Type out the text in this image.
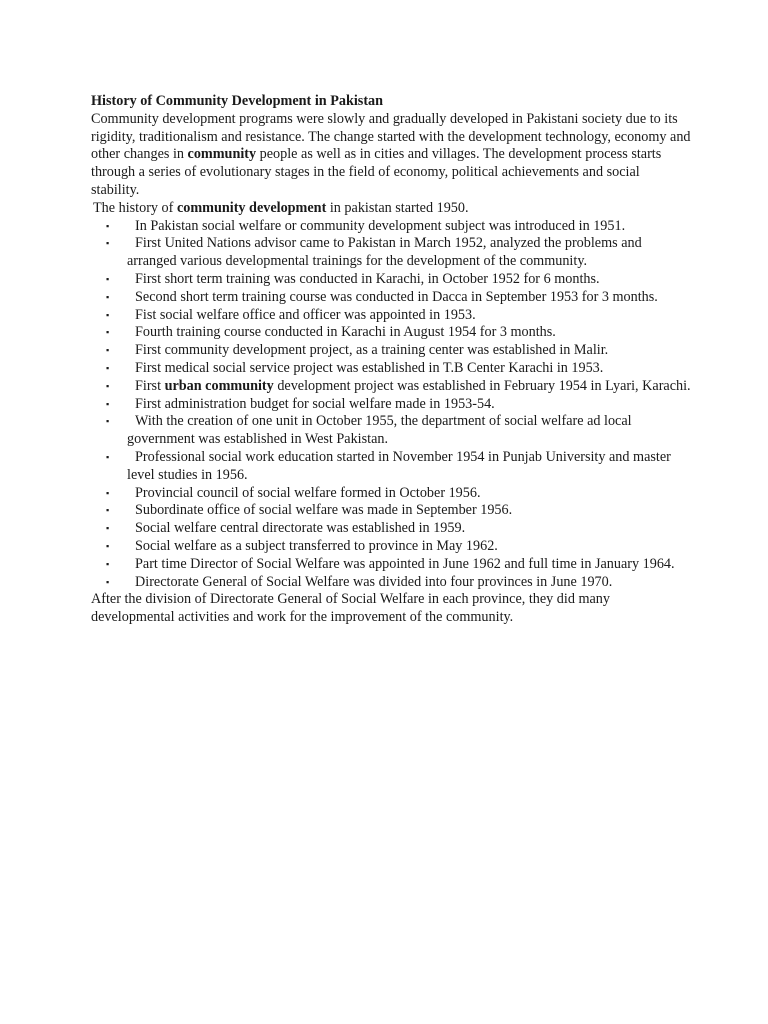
History of Community Development in Pakistan

Community development programs were slowly and gradually developed in Pakistani society due to its rigidity, traditionalism and resistance. The change started with the development technology, economy and other changes in community people as well as in cities and villages. The development process starts through a series of evolutionary stages in the field of economy, political achievements and social stability.

The history of community development in pakistan started 1950.

▪	In Pakistan social welfare or community development subject was introduced in 1951.
▪	First United Nations advisor came to Pakistan in March 1952, analyzed the problems and arranged various developmental trainings for the development of the community.
▪	First short term training was conducted in Karachi, in October 1952 for 6 months.
▪	Second short term training course was conducted in Dacca in September 1953 for 3 months.
▪	Fist social welfare office and officer was appointed in 1953.
▪	Fourth training course conducted in Karachi in August 1954 for 3 months.
▪	First community development project, as a training center was established in Malir.
▪	First medical social service project was established in T.B Center Karachi in 1953.
▪	First urban community development project was established in February 1954 in Lyari, Karachi.
▪	First administration budget for social welfare made in 1953-54.
▪	With the creation of one unit in October 1955, the department of social welfare ad local government was established in West Pakistan.
▪	Professional social work education started in November 1954 in Punjab University and master level studies in 1956.
▪	Provincial council of social welfare formed in October 1956.
▪	Subordinate office of social welfare was made in September 1956.
▪	Social welfare central directorate was established in 1959.
▪	Social welfare as a subject transferred to province in May 1962.
▪	Part time Director of Social Welfare was appointed in June 1962 and full time in January 1964.
▪	Directorate General of Social Welfare was divided into four provinces in June 1970.

After the division of Directorate General of Social Welfare in each province, they did many developmental activities and work for the improvement of the community.
